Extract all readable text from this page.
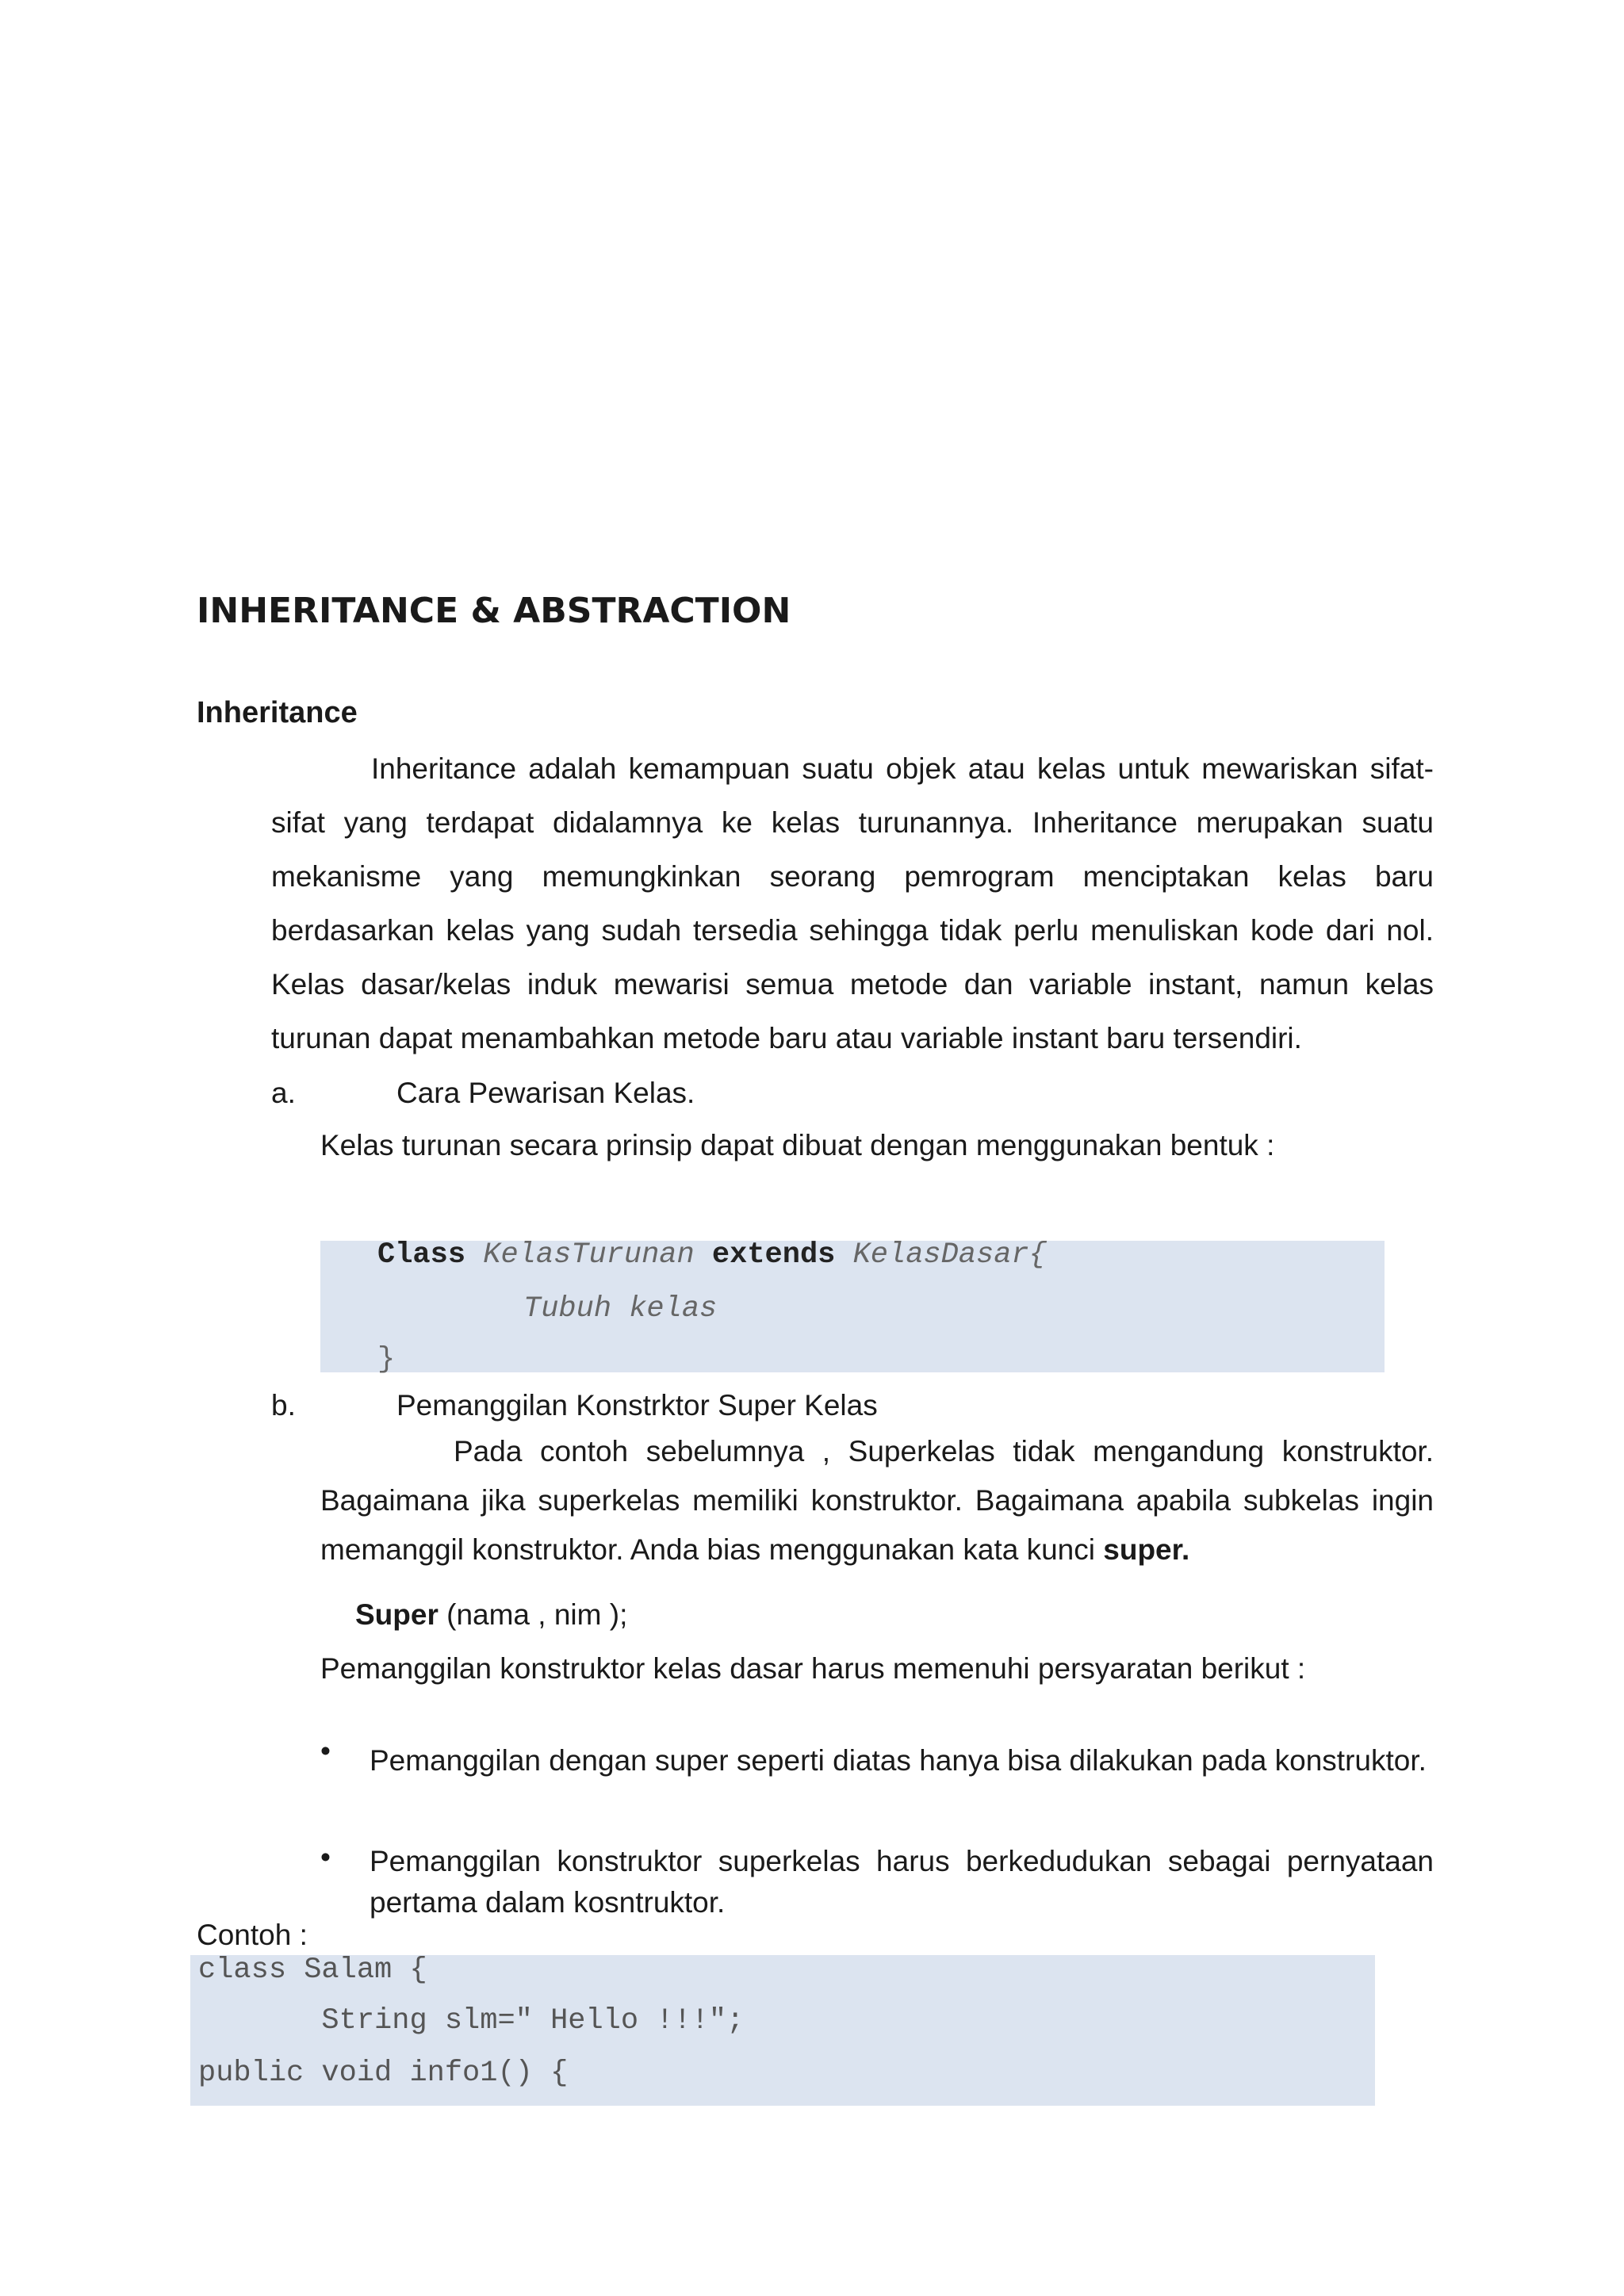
INHERITANCE & ABSTRACTION
Inheritance
Inheritance adalah kemampuan suatu objek atau kelas untuk mewariskan sifat-sifat yang terdapat didalamnya ke kelas turunannya. Inheritance merupakan suatu mekanisme yang memungkinkan seorang pemrogram menciptakan kelas baru berdasarkan kelas yang sudah tersedia sehingga tidak perlu menuliskan kode dari nol. Kelas dasar/kelas induk mewarisi semua metode dan variable instant, namun kelas turunan dapat menambahkan metode baru atau variable instant baru tersendiri.
a.	Cara Pewarisan Kelas.
Kelas turunan secara prinsip dapat dibuat dengan menggunakan bentuk :
Class KelasTurunan extends KelasDasar{
Tubuh kelas
}
b.	Pemanggilan Konstrktor Super Kelas
Pada contoh sebelumnya , Superkelas tidak mengandung konstruktor. Bagaimana jika superkelas memiliki konstruktor. Bagaimana apabila subkelas ingin memanggil konstruktor. Anda bias menggunakan kata kunci super.
Super (nama , nim );
Pemanggilan konstruktor kelas dasar harus memenuhi persyaratan berikut :
• Pemanggilan dengan super seperti diatas hanya bisa dilakukan pada konstruktor.
• Pemanggilan konstruktor superkelas harus berkedudukan sebagai pernyataan pertama dalam kosntruktor.
Contoh :
class Salam {
String slm=" Hello !!!";
public void info1() {
